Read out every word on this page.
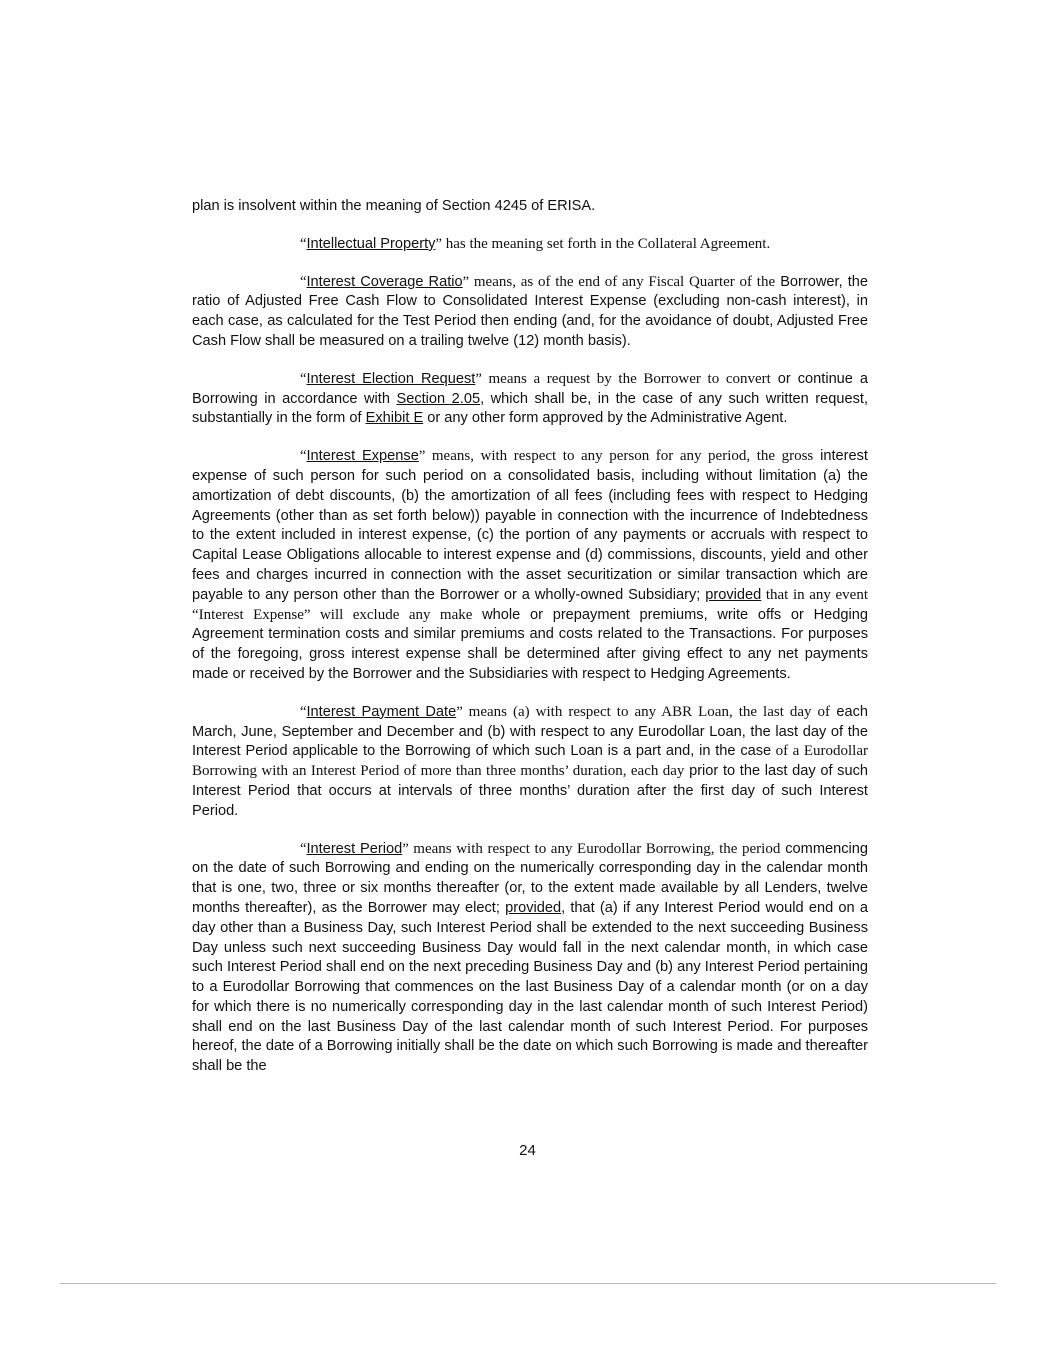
plan is insolvent within the meaning of Section 4245 of ERISA.

“Intellectual Property” has the meaning set forth in the Collateral Agreement.

“Interest Coverage Ratio” means, as of the end of any Fiscal Quarter of the Borrower, the ratio of Adjusted Free Cash Flow to Consolidated Interest Expense (excluding non-cash interest), in each case, as calculated for the Test Period then ending (and, for the avoidance of doubt, Adjusted Free Cash Flow shall be measured on a trailing twelve (12) month basis).

“Interest Election Request” means a request by the Borrower to convert or continue a Borrowing in accordance with Section 2.05, which shall be, in the case of any such written request, substantially in the form of Exhibit E or any other form approved by the Administrative Agent.

“Interest Expense” means, with respect to any person for any period, the gross interest expense of such person for such period on a consolidated basis, including without limitation (a) the amortization of debt discounts, (b) the amortization of all fees (including fees with respect to Hedging Agreements (other than as set forth below)) payable in connection with the incurrence of Indebtedness to the extent included in interest expense, (c) the portion of any payments or accruals with respect to Capital Lease Obligations allocable to interest expense and (d) commissions, discounts, yield and other fees and charges incurred in connection with the asset securitization or similar transaction which are payable to any person other than the Borrower or a wholly-owned Subsidiary; provided that in any event “Interest Expense” will exclude any make whole or prepayment premiums, write offs or Hedging Agreement termination costs and similar premiums and costs related to the Transactions. For purposes of the foregoing, gross interest expense shall be determined after giving effect to any net payments made or received by the Borrower and the Subsidiaries with respect to Hedging Agreements.

“Interest Payment Date” means (a) with respect to any ABR Loan, the last day of each March, June, September and December and (b) with respect to any Eurodollar Loan, the last day of the Interest Period applicable to the Borrowing of which such Loan is a part and, in the case of a Eurodollar Borrowing with an Interest Period of more than three months’ duration, each day prior to the last day of such Interest Period that occurs at intervals of three months’ duration after the first day of such Interest Period.

“Interest Period” means with respect to any Eurodollar Borrowing, the period commencing on the date of such Borrowing and ending on the numerically corresponding day in the calendar month that is one, two, three or six months thereafter (or, to the extent made available by all Lenders, twelve months thereafter), as the Borrower may elect; provided, that (a) if any Interest Period would end on a day other than a Business Day, such Interest Period shall be extended to the next succeeding Business Day unless such next succeeding Business Day would fall in the next calendar month, in which case such Interest Period shall end on the next preceding Business Day and (b) any Interest Period pertaining to a Eurodollar Borrowing that commences on the last Business Day of a calendar month (or on a day for which there is no numerically corresponding day in the last calendar month of such Interest Period) shall end on the last Business Day of the last calendar month of such Interest Period. For purposes hereof, the date of a Borrowing initially shall be the date on which such Borrowing is made and thereafter shall be the

24
